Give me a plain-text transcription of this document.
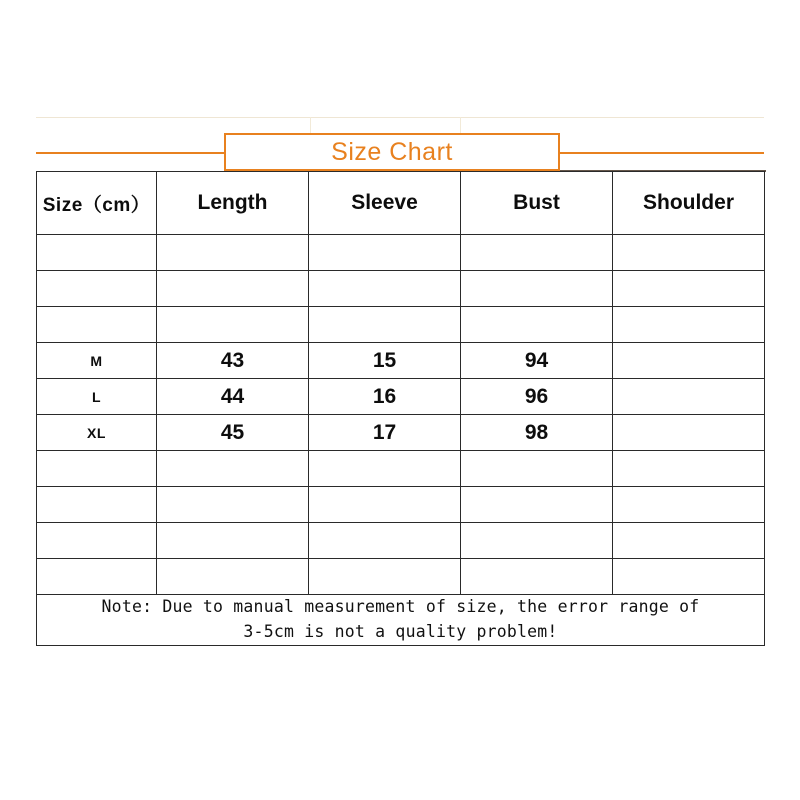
Size Chart
Size（cm）	Length	Sleeve	Bust	Shoulder

M	43	15	94	
L	44	16	96	
XL	45	17	98	

Note: Due to manual measurement of size, the error range of
3-5cm is not a quality problem!				
